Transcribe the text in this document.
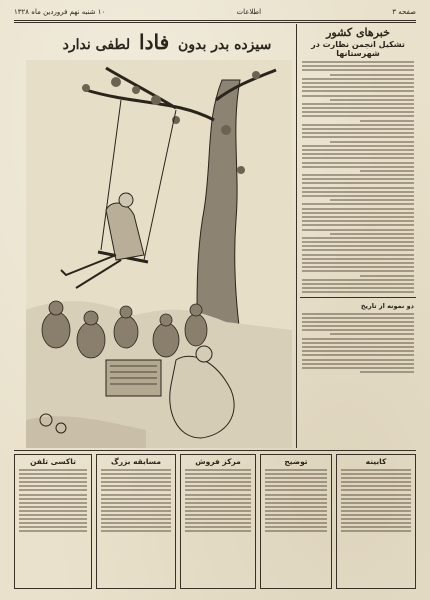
صفحه ۳
اطلاعات
۱۰ شنبه نهم فروردین ماه ۱۳۲۸
سیزده بدر بدون فادا لطفی ندارد
خبرهای کشور
تشکیل انجمن نظارت در شهرستانها
دو نمونه از تاریخ
تاکسی تلفن	مسابقه بزرگ	مرکز فروش	توضیح	کابینه
